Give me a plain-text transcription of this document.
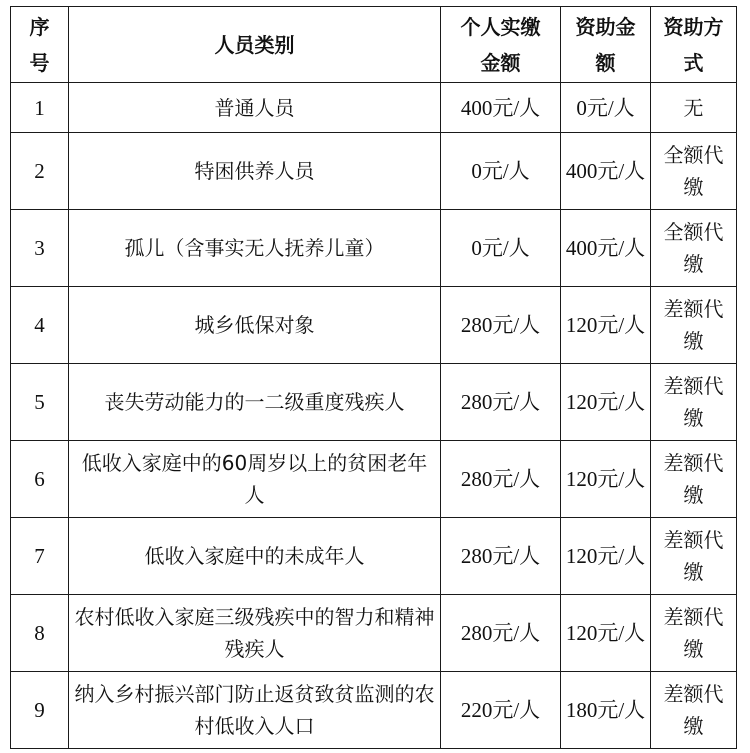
序号	人员类别	个人实缴金额	资助金额	资助方式
1	普通人员	400元/人	0元/人	无
2	特困供养人员	0元/人	400元/人	全额代缴
3	孤儿（含事实无人抚养儿童）	0元/人	400元/人	全额代缴
4	城乡低保对象	280元/人	120元/人	差额代缴
5	丧失劳动能力的一二级重度残疾人	280元/人	120元/人	差额代缴
6	低收入家庭中的60周岁以上的贫困老年人	280元/人	120元/人	差额代缴
7	低收入家庭中的未成年人	280元/人	120元/人	差额代缴
8	农村低收入家庭三级残疾中的智力和精神残疾人	280元/人	120元/人	差额代缴
9	纳入乡村振兴部门防止返贫致贫监测的农村低收入人口	220元/人	180元/人	差额代缴
